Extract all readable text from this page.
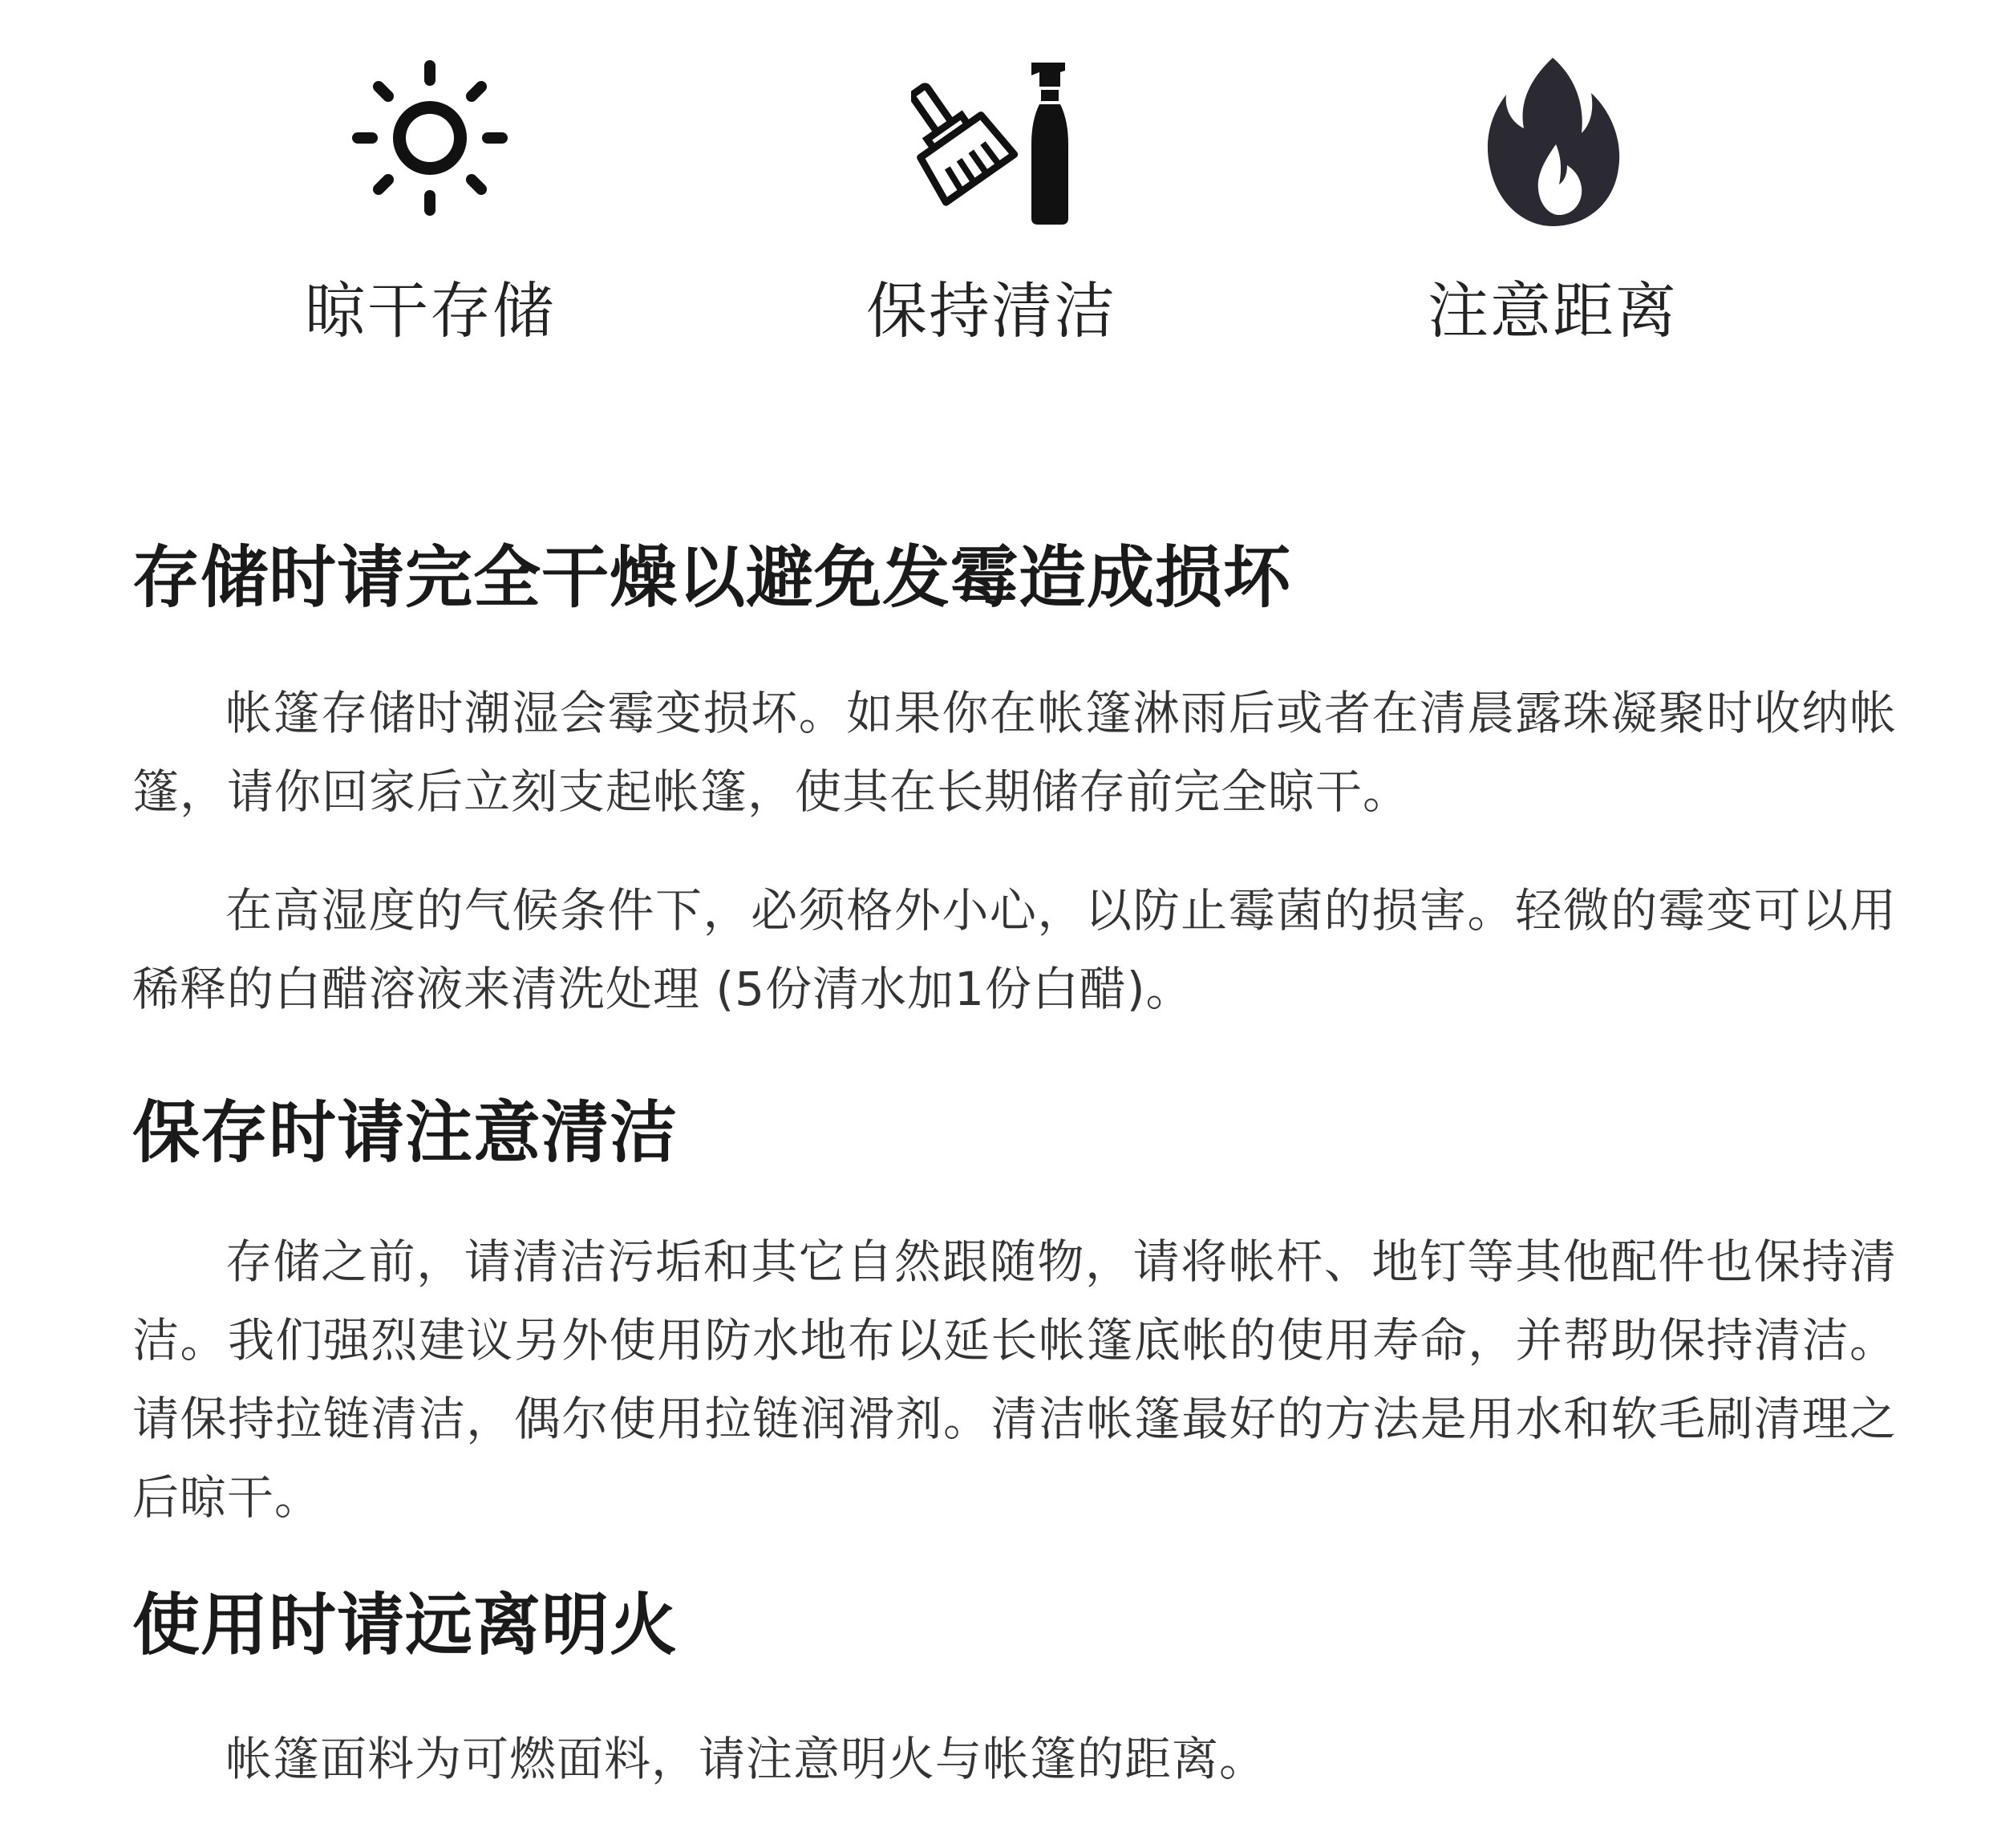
晾干存储	保持清洁	注意距离
存储时请完全干燥以避免发霉造成损坏

帐篷存储时潮湿会霉变损坏。如果你在帐篷淋雨后或者在清晨露珠凝聚时收纳帐篷，请你回家后立刻支起帐篷，使其在长期储存前完全晾干。

在高湿度的气候条件下，必须格外小心，以防止霉菌的损害。轻微的霉变可以用稀释的白醋溶液来清洗处理 (5份清水加1份白醋)。

保存时请注意清洁

存储之前，请清洁污垢和其它自然跟随物，请将帐杆、地钉等其他配件也保持清洁。我们强烈建议另外使用防水地布以延长帐篷底帐的使用寿命，并帮助保持清洁。请保持拉链清洁，偶尔使用拉链润滑剂。清洁帐篷最好的方法是用水和软毛刷清理之后晾干。

使用时请远离明火

帐篷面料为可燃面料，请注意明火与帐篷的距离。
